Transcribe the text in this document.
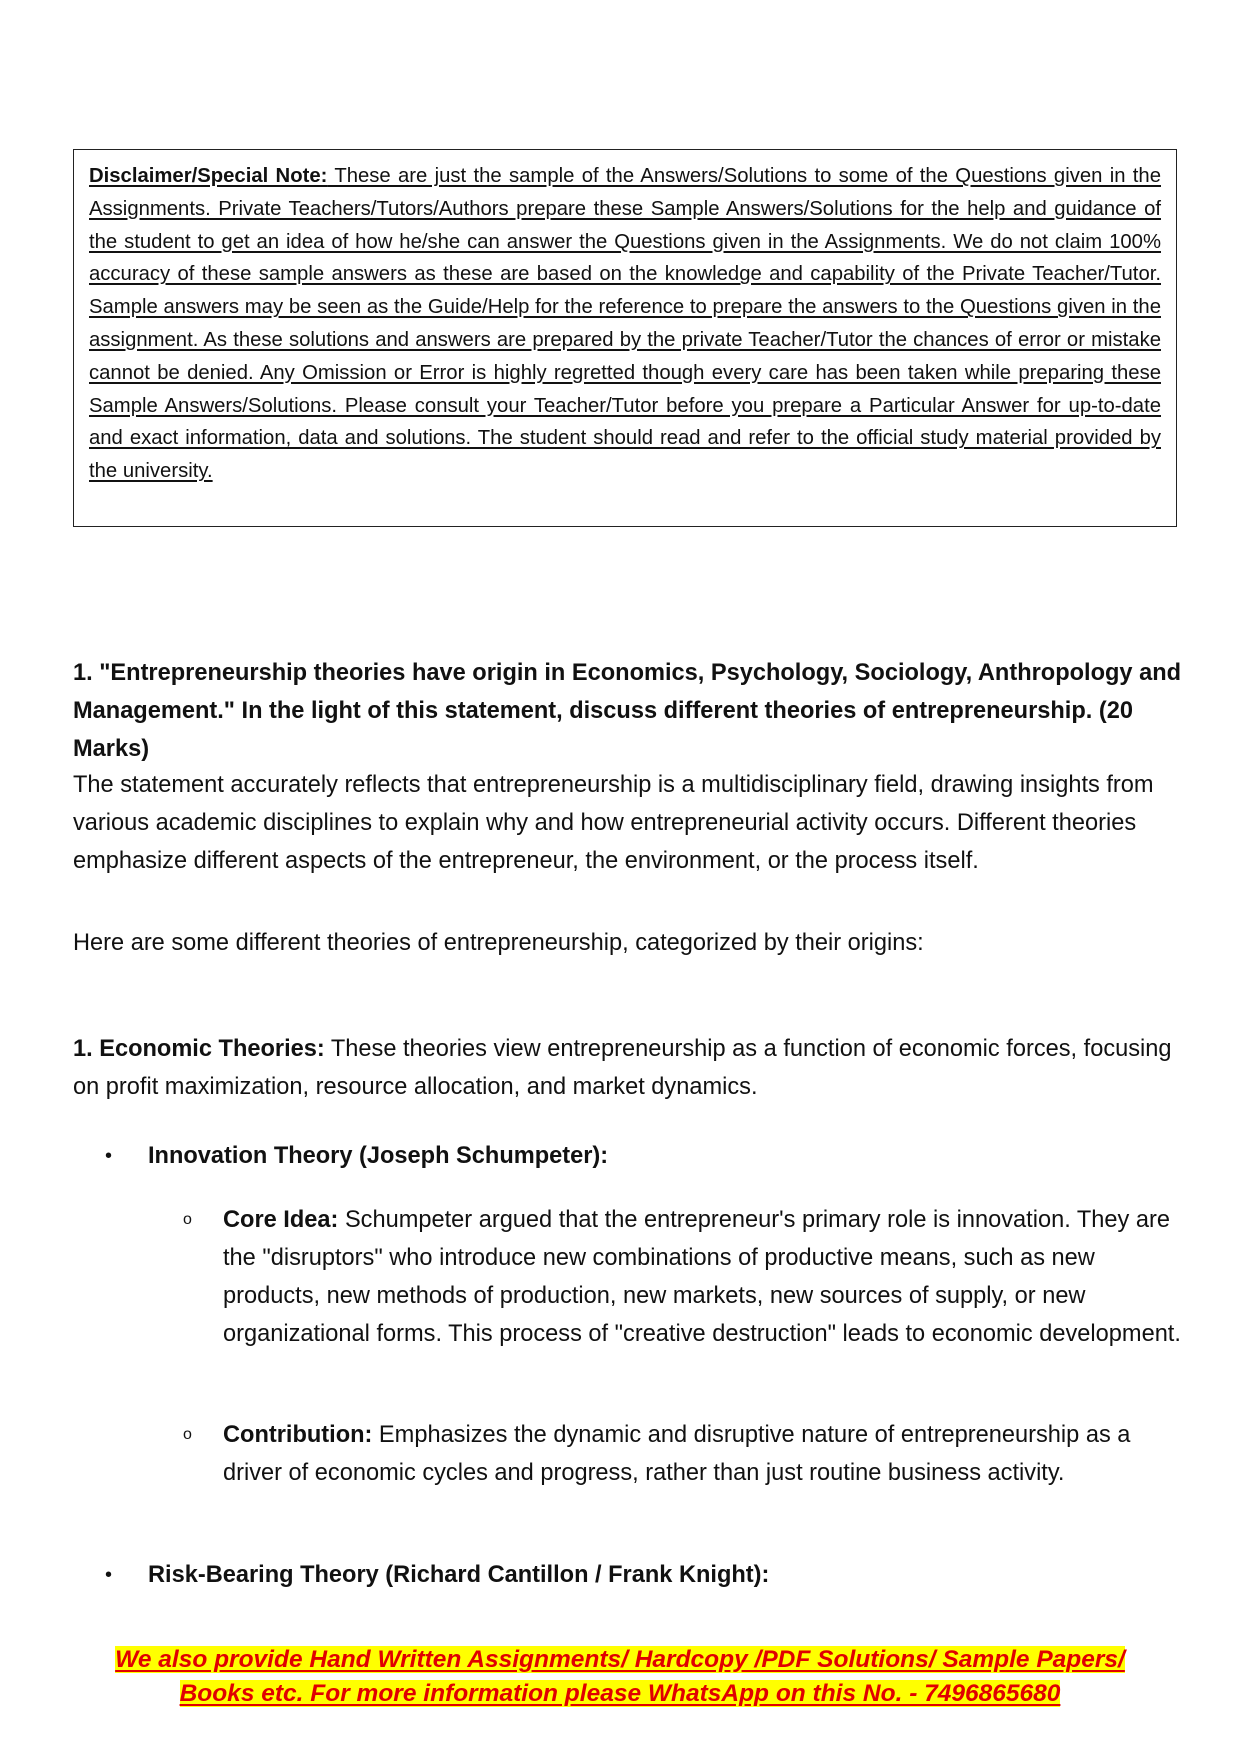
Disclaimer/Special Note: These are just the sample of the Answers/Solutions to some of the Questions given in the Assignments. Private Teachers/Tutors/Authors prepare these Sample Answers/Solutions for the help and guidance of the student to get an idea of how he/she can answer the Questions given in the Assignments. We do not claim 100% accuracy of these sample answers as these are based on the knowledge and capability of the Private Teacher/Tutor. Sample answers may be seen as the Guide/Help for the reference to prepare the answers to the Questions given in the assignment. As these solutions and answers are prepared by the private Teacher/Tutor the chances of error or mistake cannot be denied. Any Omission or Error is highly regretted though every care has been taken while preparing these Sample Answers/Solutions. Please consult your Teacher/Tutor before you prepare a Particular Answer for up-to-date and exact information, data and solutions. The student should read and refer to the official study material provided by the university.

1. "Entrepreneurship theories have origin in Economics, Psychology, Sociology, Anthropology and Management." In the light of this statement, discuss different theories of entrepreneurship. (20 Marks)

The statement accurately reflects that entrepreneurship is a multidisciplinary field, drawing insights from various academic disciplines to explain why and how entrepreneurial activity occurs. Different theories emphasize different aspects of the entrepreneur, the environment, or the process itself.

Here are some different theories of entrepreneurship, categorized by their origins:

1. Economic Theories: These theories view entrepreneurship as a function of economic forces, focusing on profit maximization, resource allocation, and market dynamics.

•	Innovation Theory (Joseph Schumpeter):
o Core Idea: Schumpeter argued that the entrepreneur's primary role is innovation. They are the "disruptors" who introduce new combinations of productive means, such as new products, new methods of production, new markets, new sources of supply, or new organizational forms. This process of "creative destruction" leads to economic development.
o Contribution: Emphasizes the dynamic and disruptive nature of entrepreneurship as a driver of economic cycles and progress, rather than just routine business activity.
•	Risk-Bearing Theory (Richard Cantillon / Frank Knight):
We also provide Hand Written Assignments/ Hardcopy /PDF Solutions/ Sample Papers/
Books etc. For more information please WhatsApp on this No. - 7496865680
